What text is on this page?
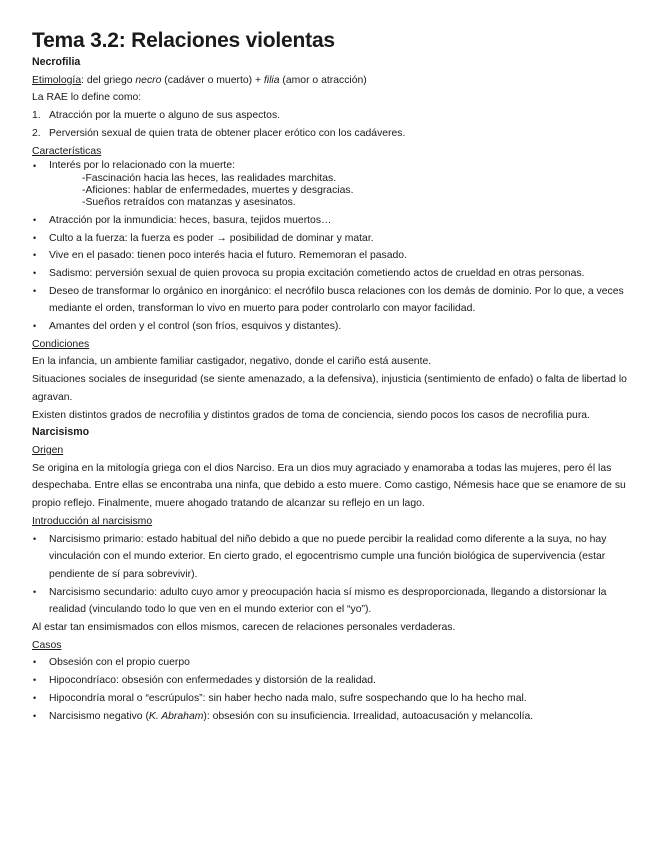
Tema 3.2: Relaciones violentas

Necrofilia

Etimología: del griego necro (cadáver o muerto) + filia (amor o atracción)

La RAE lo define como:

1. Atracción por la muerte o alguno de sus aspectos.
2. Perversión sexual de quien trata de obtener placer erótico con los cadáveres.

Características

• Interés por lo relacionado con la muerte:
-Fascinación hacia las heces, las realidades marchitas.
-Aficiones: hablar de enfermedades, muertes y desgracias.
-Sueños retraídos con matanzas y asesinatos.
• Atracción por la inmundicia: heces, basura, tejidos muertos…
• Culto a la fuerza: la fuerza es poder → posibilidad de dominar y matar.
• Vive en el pasado: tienen poco interés hacia el futuro. Rememoran el pasado.
• Sadismo: perversión sexual de quien provoca su propia excitación cometiendo actos de crueldad en otras personas.
• Deseo de transformar lo orgánico en inorgánico: el necrófilo busca relaciones con los demás de dominio. Por lo que, a veces mediante el orden, transforman lo vivo en muerto para poder controlarlo con mayor facilidad.
• Amantes del orden y el control (son fríos, esquivos y distantes).

Condiciones

En la infancia, un ambiente familiar castigador, negativo, donde el cariño está ausente.

Situaciones sociales de inseguridad (se siente amenazado, a la defensiva), injusticia (sentimiento de enfado) o falta de libertad lo agravan.

Existen distintos grados de necrofilia y distintos grados de toma de conciencia, siendo pocos los casos de necrofilia pura.

Narcisismo

Origen

Se origina en la mitología griega con el dios Narciso. Era un dios muy agraciado y enamoraba a todas las mujeres, pero él las despechaba. Entre ellas se encontraba una ninfa, que debido a esto muere. Como castigo, Némesis hace que se enamore de su propio reflejo. Finalmente, muere ahogado tratando de alcanzar su reflejo en un lago.

Introducción al narcisismo

• Narcisismo primario: estado habitual del niño debido a que no puede percibir la realidad como diferente a la suya, no hay vinculación con el mundo exterior. En cierto grado, el egocentrismo cumple una función biológica de supervivencia (estar pendiente de sí para sobrevivir).
• Narcisismo secundario: adulto cuyo amor y preocupación hacia sí mismo es desproporcionada, llegando a distorsionar la realidad (vinculando todo lo que ven en el mundo exterior con el “yo”).

Al estar tan ensimismados con ellos mismos, carecen de relaciones personales verdaderas.

Casos

• Obsesión con el propio cuerpo
• Hipocondríaco: obsesión con enfermedades y distorsión de la realidad.
• Hipocondría moral o “escrúpulos”: sin haber hecho nada malo, sufre sospechando que lo ha hecho mal.
• Narcisismo negativo (K. Abraham): obsesión con su insuficiencia. Irrealidad, autoacusación y melancolía.
